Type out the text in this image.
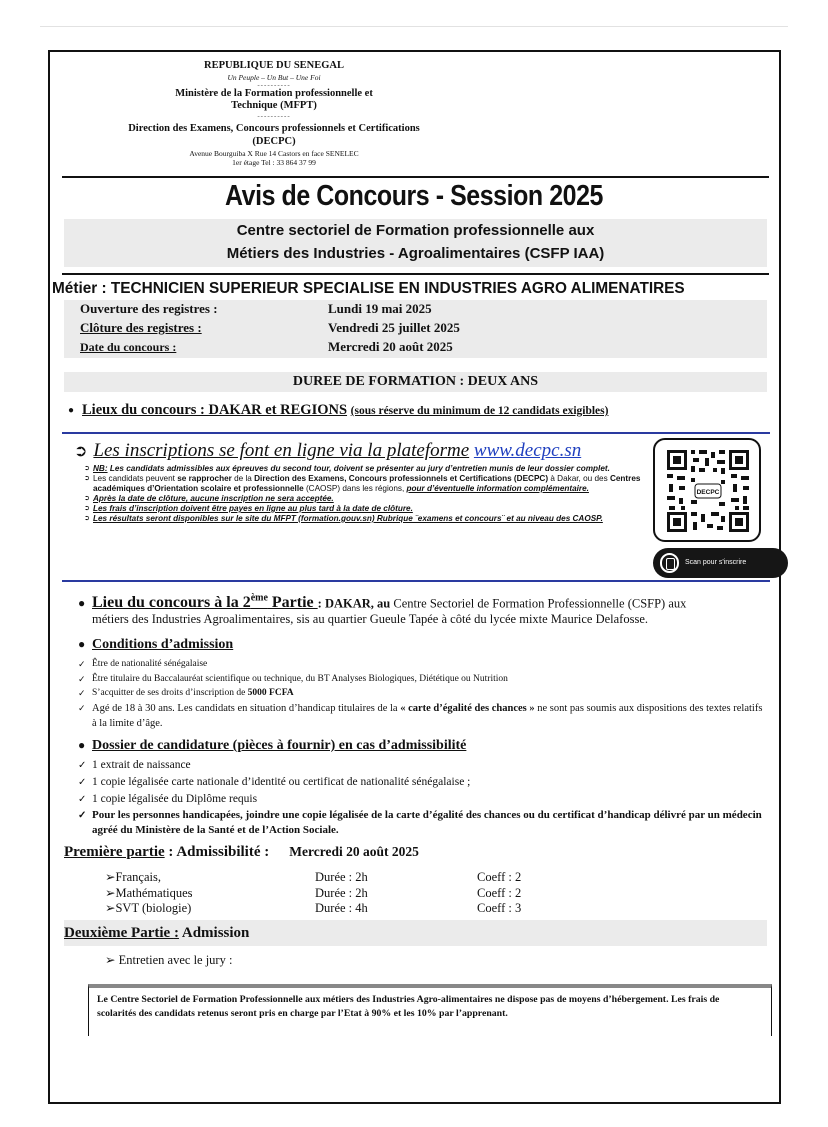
REPUBLIQUE DU SENEGAL
Un Peuple – Un But – Une Foi
----------
Ministère de la Formation professionnelle et Technique (MFPT)
----------
Direction des Examens, Concours professionnels et Certifications (DECPC)
Avenue Bourguiba X Rue 14 Castors en face SENELEC
1er étage Tel : 33 864 37 99
Avis de Concours - Session 2025
Centre sectoriel de Formation professionnelle aux
Métiers des Industries - Agroalimentaires (CSFP IAA)
Métier : TECHNICIEN SUPERIEUR SPECIALISE EN INDUSTRIES AGRO ALIMENATIRES
Ouverture des registres :	Lundi 19 mai 2025
Clôture des registres :	Vendredi 25 juillet 2025
Date du concours :	Mercredi 20 août 2025
DUREE DE FORMATION : DEUX ANS
● Lieux du concours : DAKAR et REGIONS (sous réserve du minimum de 12 candidats exigibles)
➲ Les inscriptions se font en ligne via la plateforme www.decpc.sn
➲ NB: Les candidats admissibles aux épreuves du second tour, doivent se présenter au jury d’entretien munis de leur dossier complet.
➲ Les candidats peuvent se rapprocher de la Direction des Examens, Concours professionnels et Certifications (DECPC) à Dakar, ou des Centres académiques d’Orientation scolaire et professionnelle (CAOSP) dans les régions, pour d’éventuelle information complémentaire.
➲ Après la date de clôture, aucune inscription ne sera acceptée.
➲ Les frais d’inscription doivent être payes en ligne au plus tard à la date de clôture.
➲ Les résultats seront disponibles sur le site du MFPT (formation.gouv.sn) Rubrique ¨examens et concours¨ et au niveau des CAOSP.
DECPC
Scan pour s'inscrire
● Lieu du concours à la 2ème Partie : DAKAR, au Centre Sectoriel de Formation Professionnelle (CSFP) aux
métiers des Industries Agroalimentaires, sis au quartier Gueule Tapée à côté du lycée mixte Maurice Delafosse.
● Conditions d’admission
✓ Être de nationalité sénégalaise
✓ Être titulaire du Baccalauréat scientifique ou technique, du BT Analyses Biologiques, Diététique ou Nutrition
✓ S’acquitter de ses droits d’inscription de 5000 FCFA
✓ Agé de 18 à 30 ans. Les candidats en situation d’handicap titulaires de la « carte d’égalité des chances » ne sont pas soumis aux dispositions des textes relatifs à la limite d’âge.
● Dossier de candidature (pièces à fournir) en cas d’admissibilité
✓ 1 extrait de naissance
✓ 1 copie légalisée carte nationale d’identité ou certificat de nationalité sénégalaise ;
✓ 1 copie légalisée du Diplôme requis
✓ Pour les personnes handicapées, joindre une copie légalisée de la carte d’égalité des chances ou du certificat d’handicap délivré par un médecin agréé du Ministère de la Santé et de l’Action Sociale.
Première partie : Admissibilité : Mercredi 20 août 2025
➢Français,	Durée : 2h	Coeff : 2
➢Mathématiques	Durée : 2h	Coeff : 2
➢SVT (biologie)	Durée : 4h	Coeff : 3
Deuxième Partie : Admission
➢ Entretien avec le jury :
Le Centre Sectoriel de Formation Professionnelle aux métiers des Industries Agro-alimentaires ne dispose pas de moyens d’hébergement. Les frais de scolarités des candidats retenus seront pris en charge par l’Etat à 90% et les 10% par l’apprenant.
